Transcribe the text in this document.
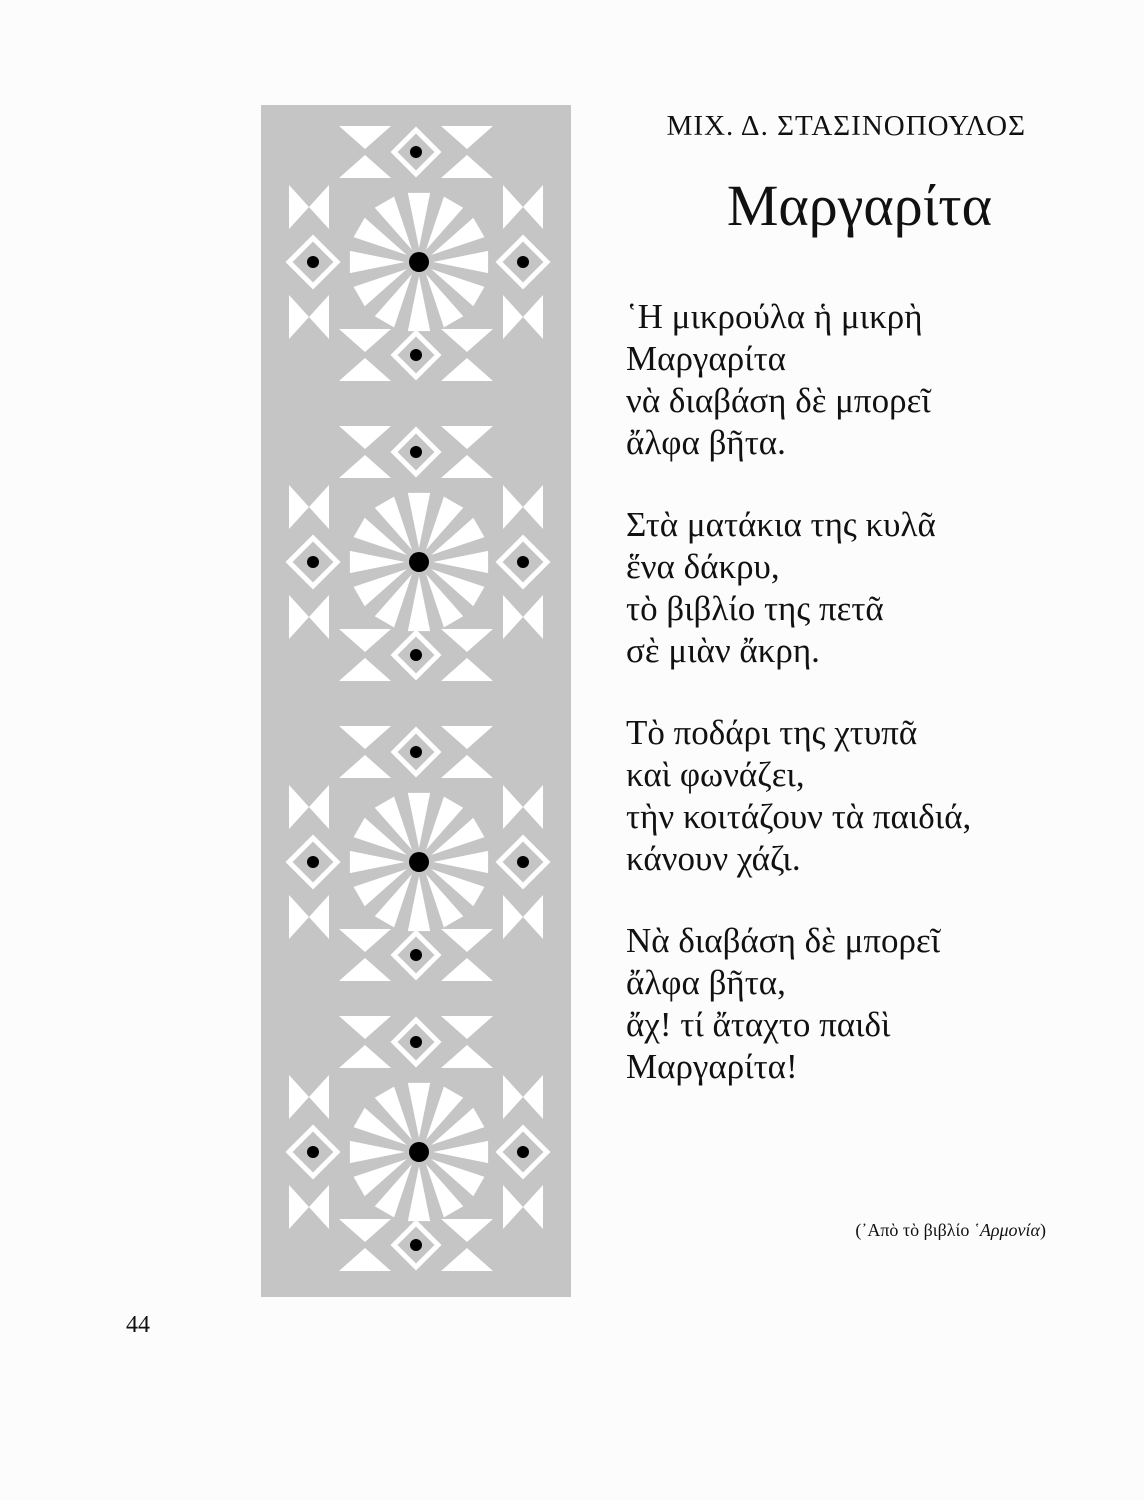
ΜΙΧ. Δ. ΣΤΑΣΙΝΟΠΟΥΛΟΣ
Μαργαρίτα
῾Η μικρούλα ἡ μικρὴ
Μαργαρίτα
νὰ διαβάση δὲ μπορεῖ
ἄλφα βῆτα.
Στὰ ματάκια της κυλᾶ
ἕνα δάκρυ,
τὸ βιβλίο της πετᾶ
σὲ μιὰν ἄκρη.
Τὸ ποδάρι της χτυπᾶ
καὶ φωνάζει,
τὴν κοιτάζουν τὰ παιδιά,
κάνουν χάζι.
Νὰ διαβάση δὲ μπορεῖ
ἄλφα βῆτα,
ἄχ! τί ἄταχτο παιδὶ
Μαργαρίτα!
(᾿Απὸ τὸ βιβλίο ῾Αρμονία)
44
